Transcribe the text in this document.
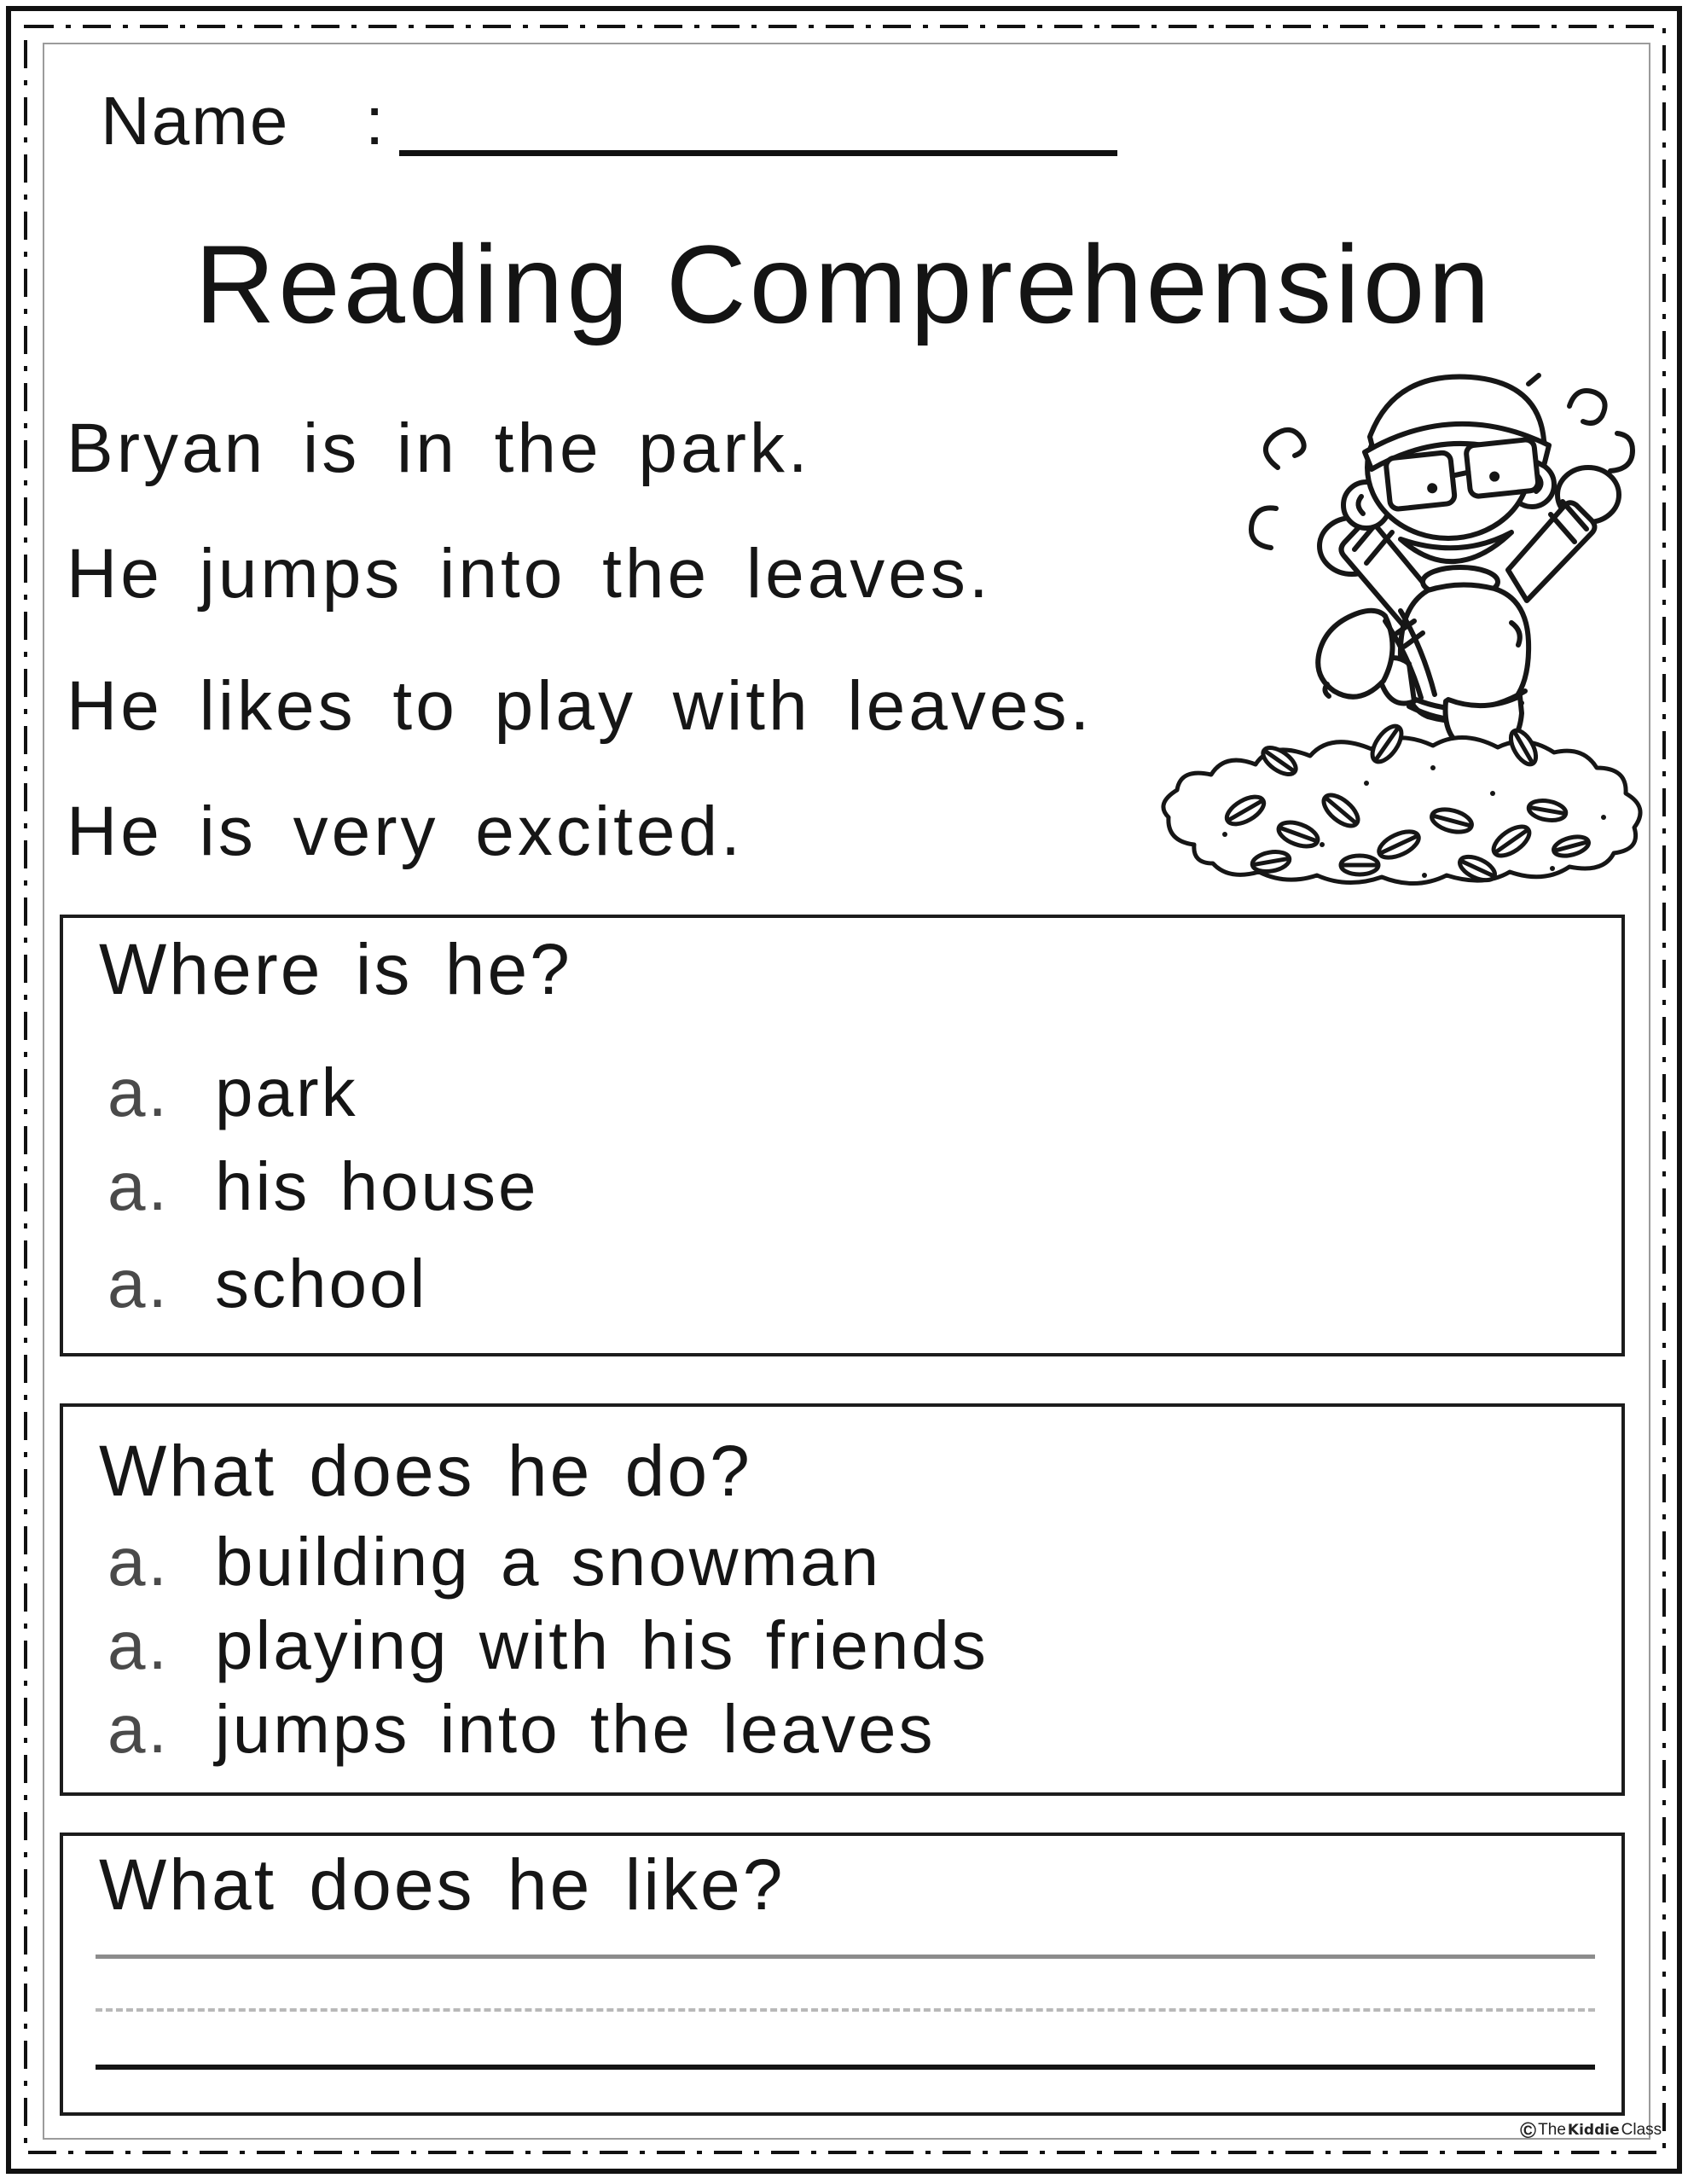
Name :
Reading Comprehension
Bryan is in the park.
He jumps into the leaves.
He likes to play with leaves.
He is very excited.
Where is he?
a. park
a. his house
a. school
What does he do?
a. building a snowman
a. playing with his friends
a. jumps into the leaves
What does he like?
© The Kiddie Class
